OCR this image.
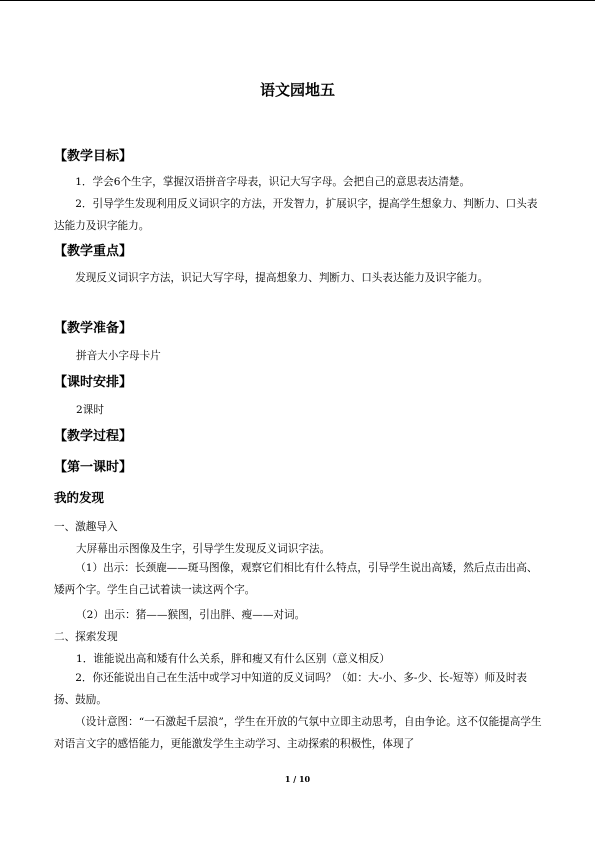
语文园地五
【教学目标】

1．学会6个生字，掌握汉语拼音字母表，识记大写字母。会把自己的意思表达清楚。

2．引导学生发现利用反义词识字的方法，开发智力，扩展识字，提高学生想象力、判断力、口头表达能力及识字能力。

【教学重点】

发现反义词识字方法，识记大写字母，提高想象力、判断力、口头表达能力及识字能力。

【教学准备】
拼音大小字母卡片
【课时安排】
2课时
【教学过程】
【第一课时】
我的发现
一、激趣导入
大屏幕出示图像及生字，引导学生发现反义词识字法。

（1）出示：长颈鹿——斑马图像，观察它们相比有什么特点，引导学生说出高矮，然后点击出高、矮两个字。学生自己试着读一读这两个字。

（2）出示：猪——猴图，引出胖、瘦——对词。
二、探索发现
1．谁能说出高和矮有什么关系，胖和瘦又有什么区别（意义相反）

2．你还能说出自己在生活中或学习中知道的反义词吗？（如：大-小、多-少、长-短等）师及时表扬、鼓励。

（设计意图：“一石激起千层浪”，学生在开放的气氛中立即主动思考，自由争论。这不仅能提高学生对语言文字的感悟能力，更能激发学生主动学习、主动探索的积极性，体现了

1 / 10
